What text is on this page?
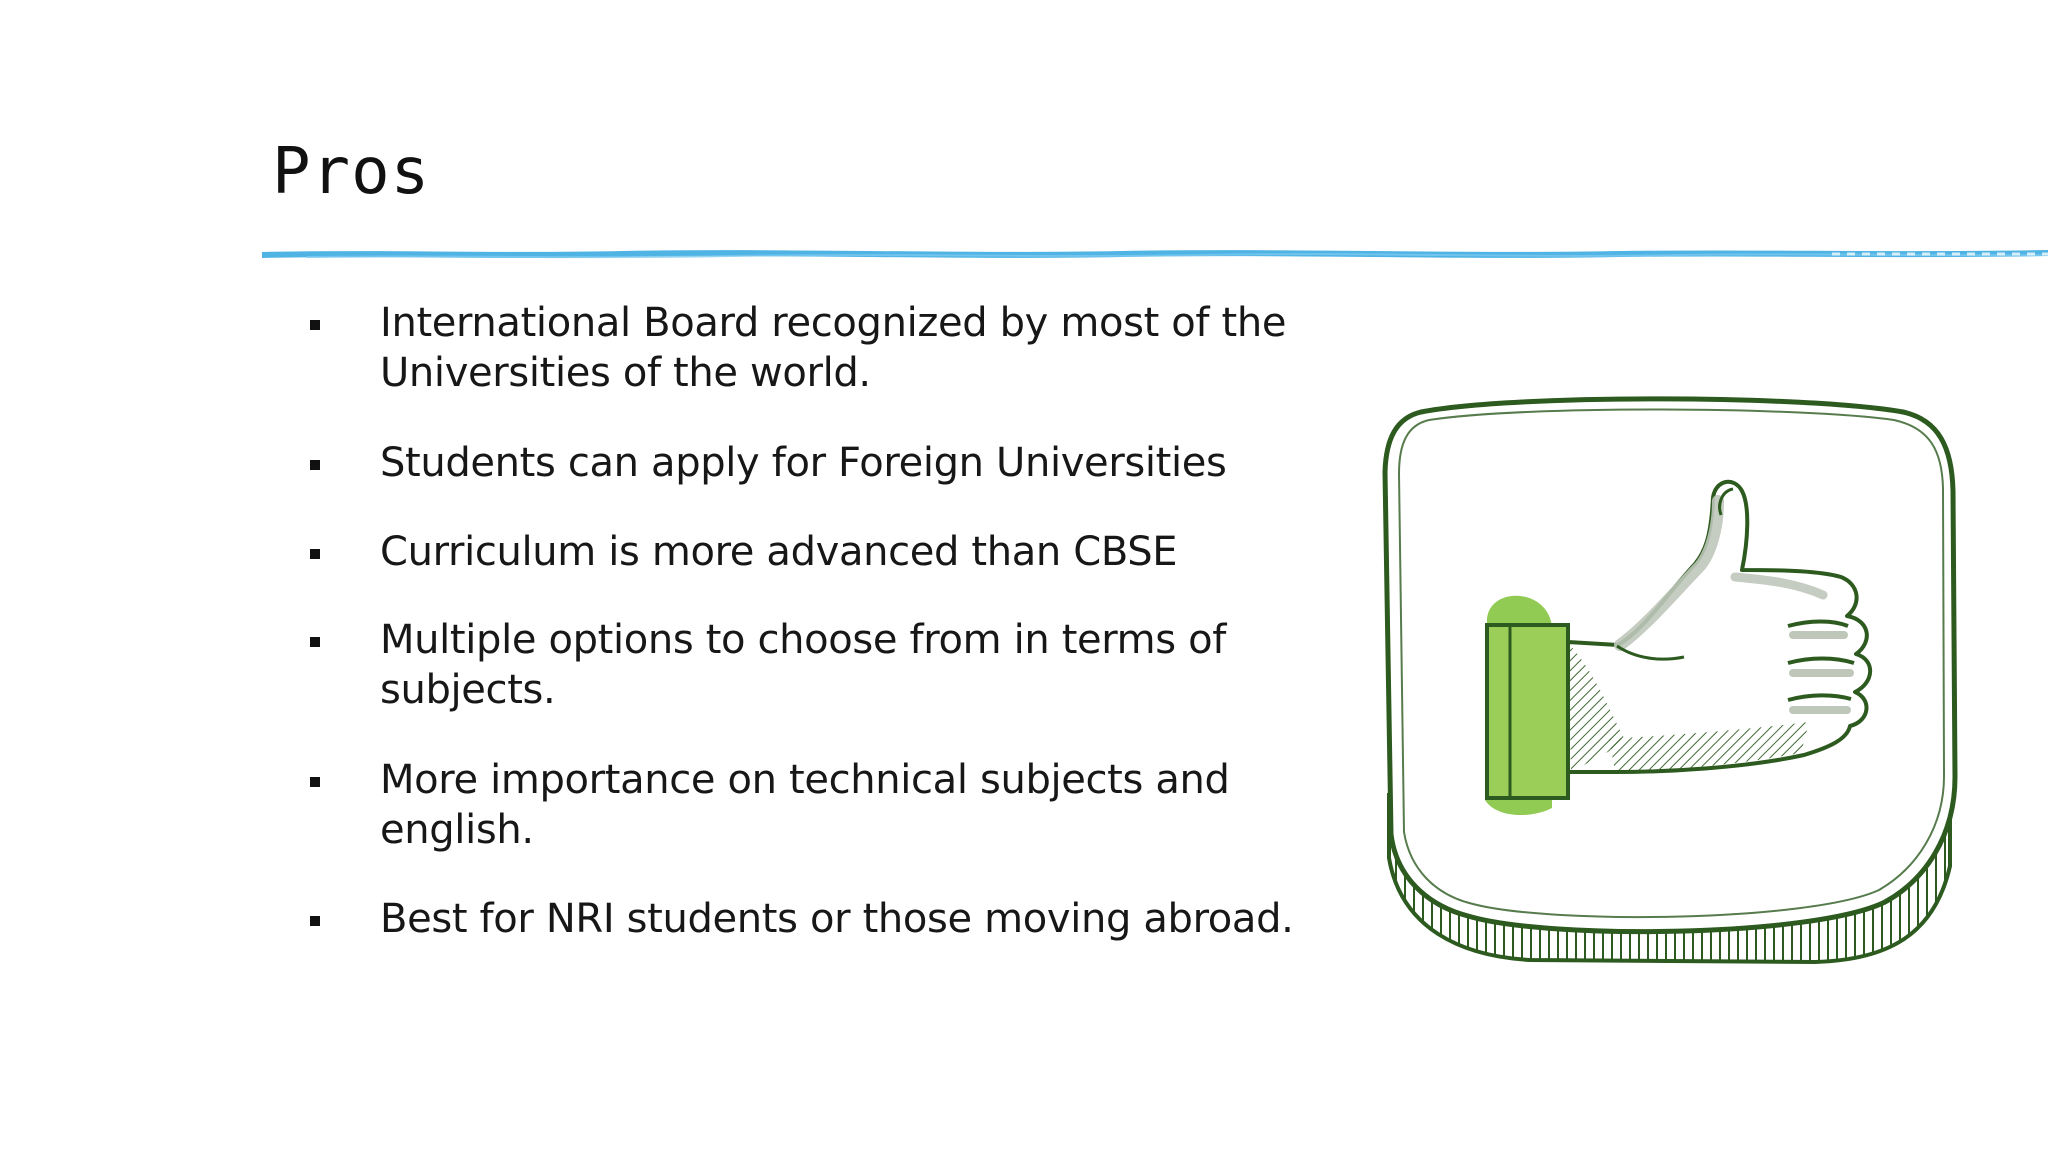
Pros
International Board recognized by most of the Universities of the world.
Students can apply for Foreign Universities
Curriculum is more advanced than CBSE
Multiple options to choose from in terms of subjects.
More importance on technical subjects and english.
Best for NRI students or those moving abroad.
